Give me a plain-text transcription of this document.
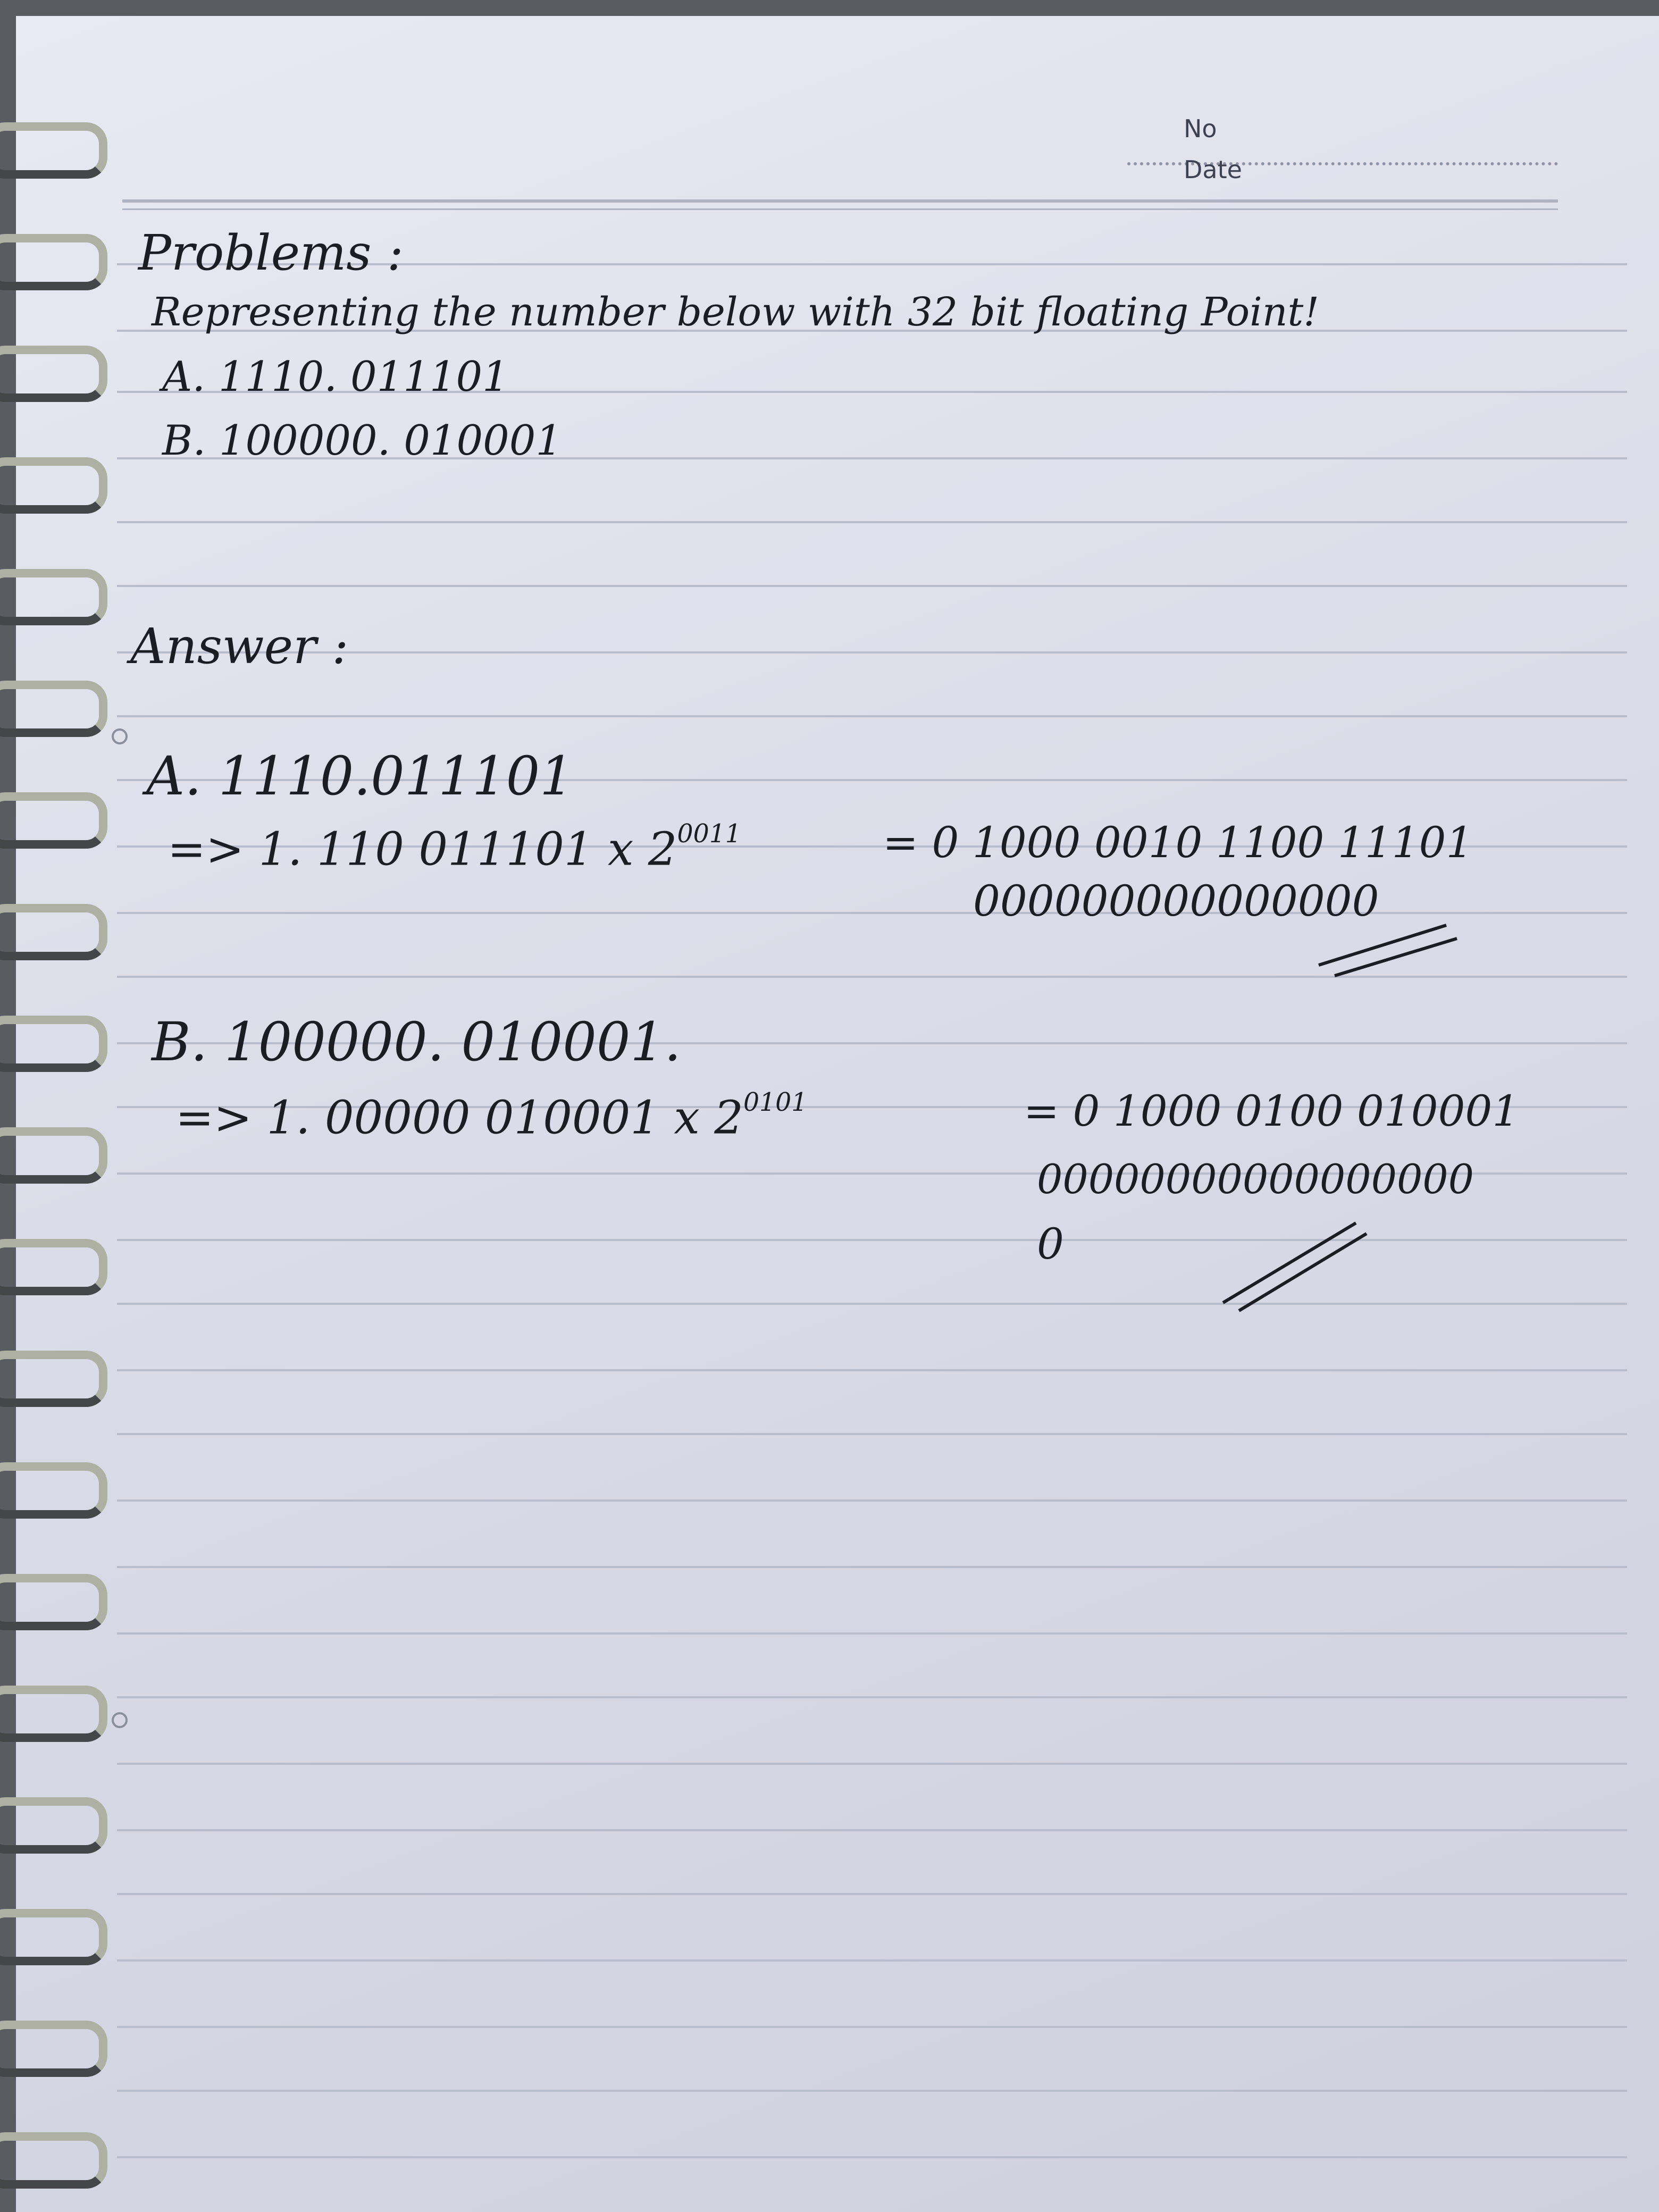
No
Date
Problems :
Representing the number below with 32 bit floating Point!
A. 1110. 011101
B. 100000. 010001
Answer :
A. 1110.011101
=> 1. 110 011101 x $2^{0011}$	= 0 1000 0010 1100 11101
000000000000000
B. 100000. 010001.
=> 1. 00000 010001 x $2^{0101}$	= 0 1000 0100 010001
00000000000000000
0
